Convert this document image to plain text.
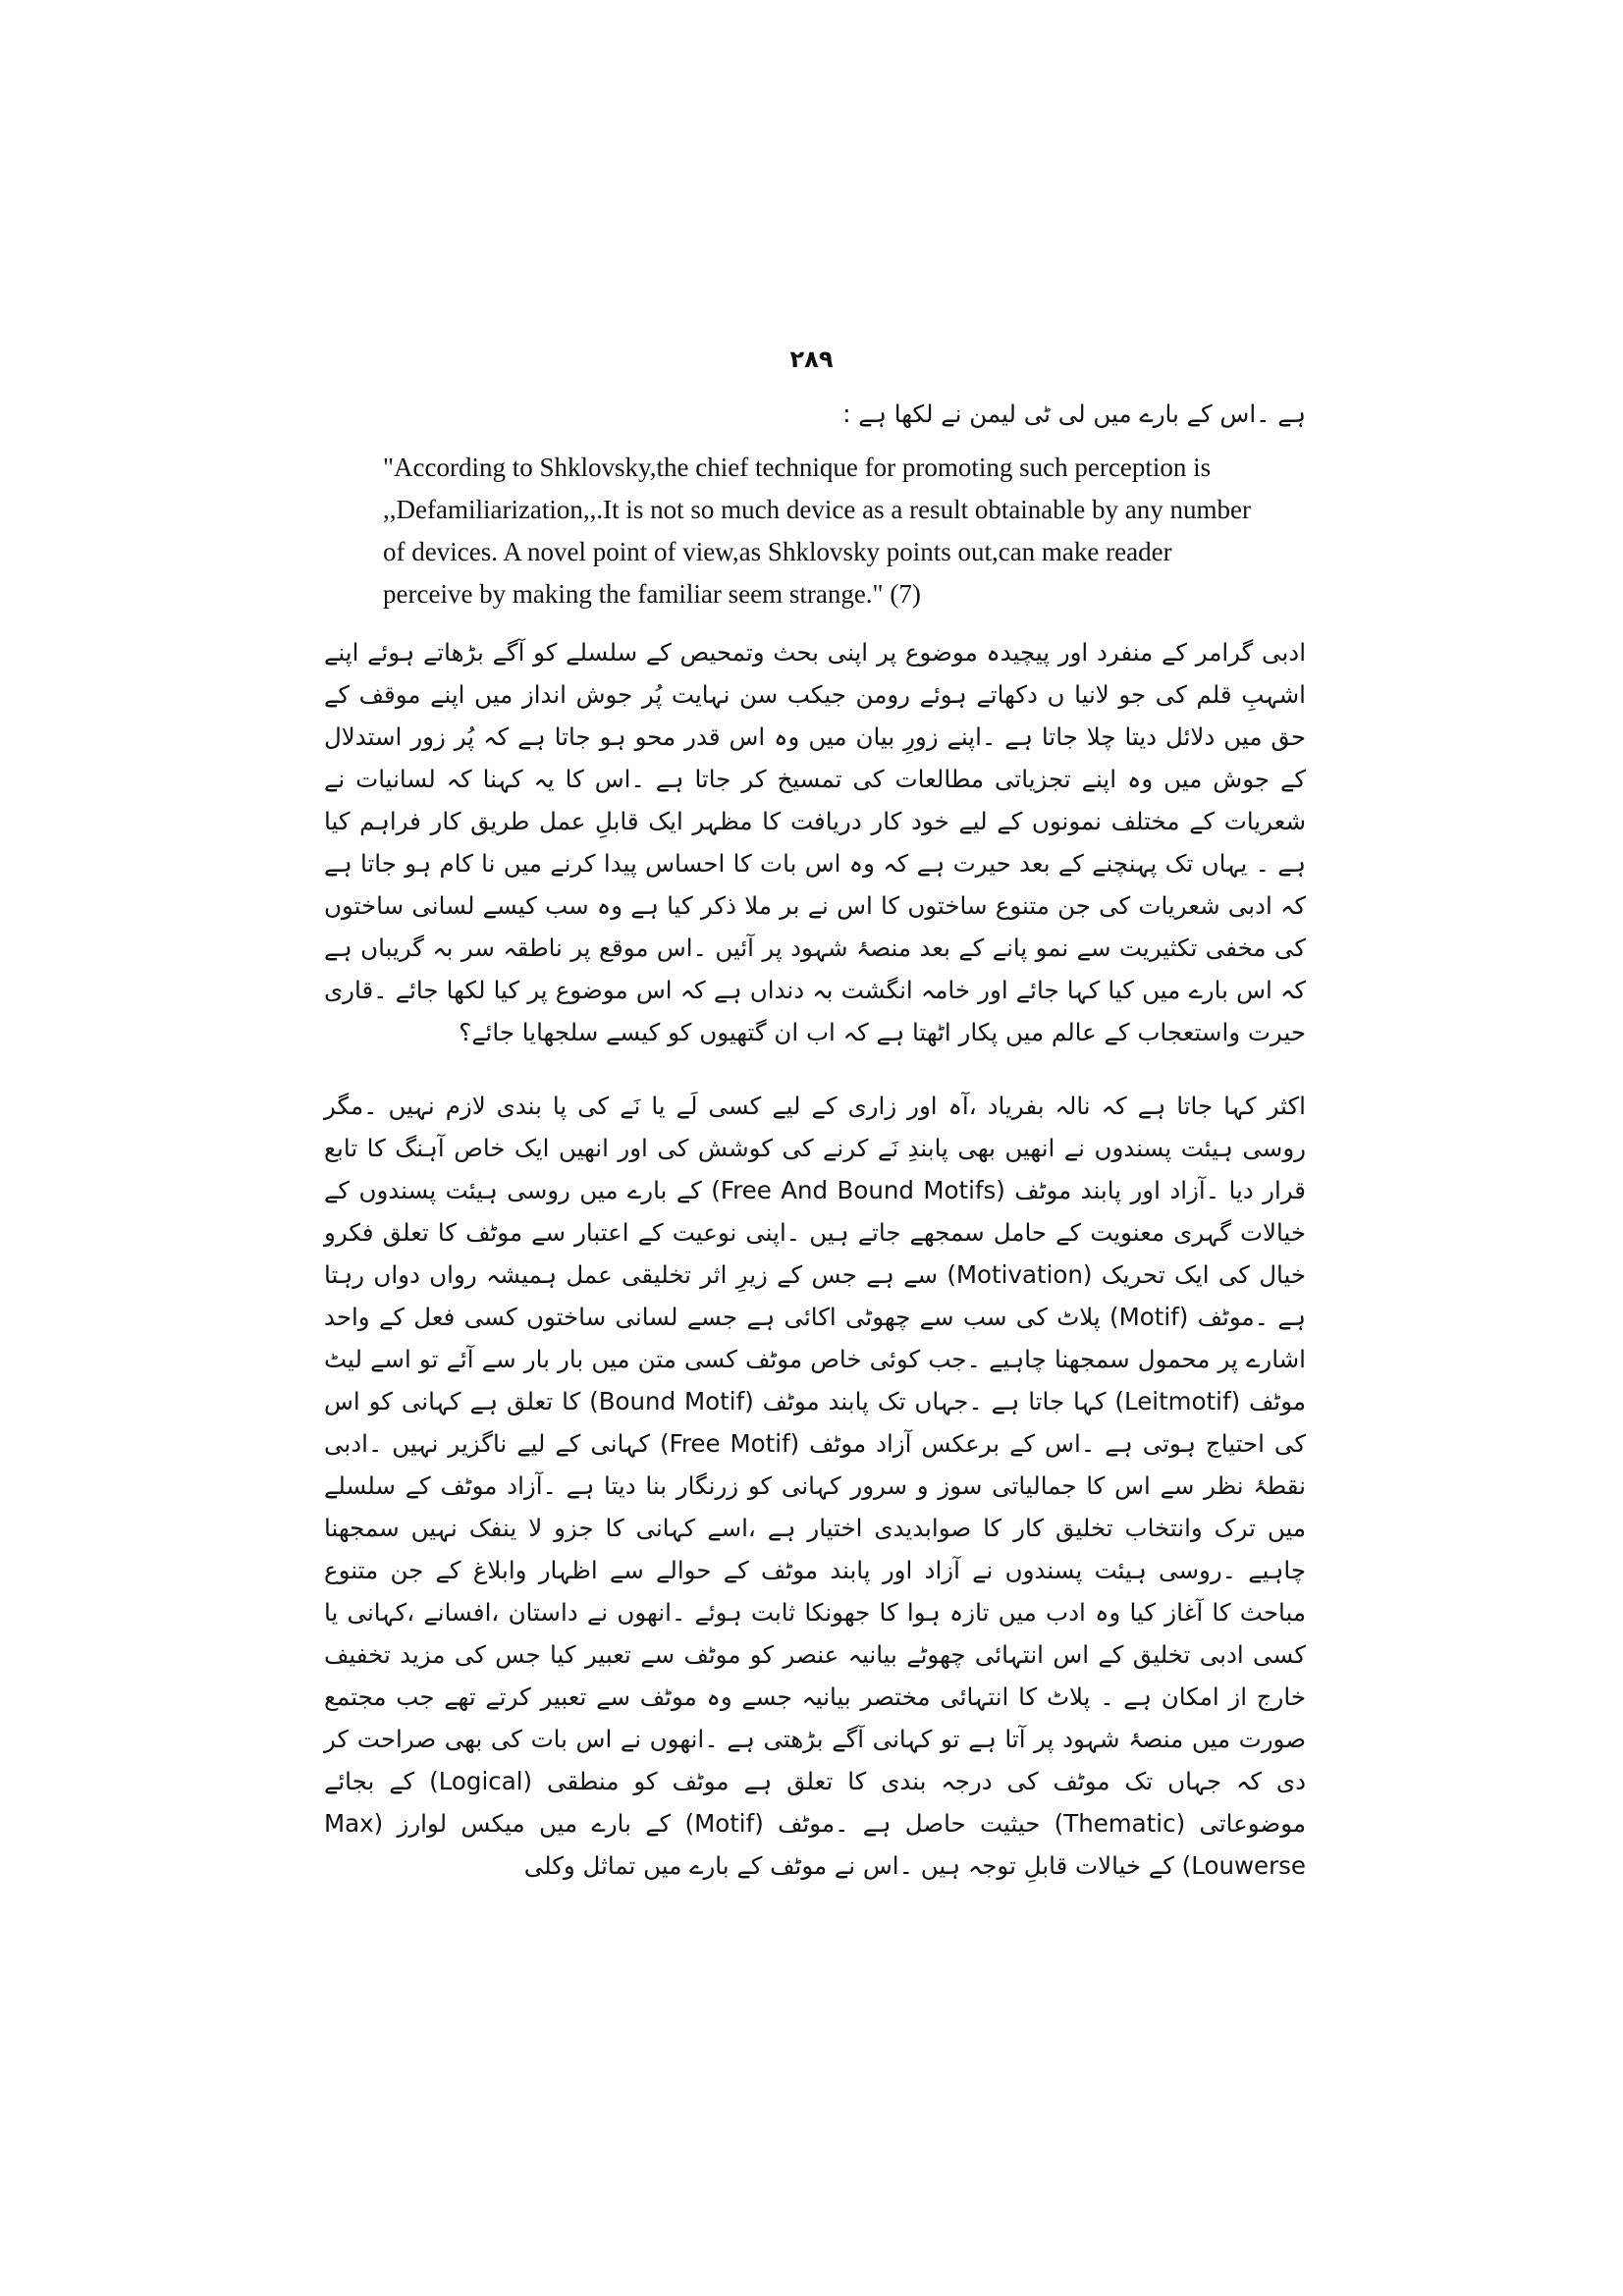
۲۸۹
ہے ۔اس کے بارے میں لی ٹی لیمن نے لکھا ہے :

"According to Shklovsky,the chief technique for promoting such perception is ,,Defamiliarization,,.It is not so much device as a result obtainable by any number of devices. A novel point of view,as Shklovsky points out,can make reader perceive by making the familiar seem strange." (7)

ادبی گرامر کے منفرد اور پیچیدہ موضوع پر اپنی بحث وتمحیص کے سلسلے کو آگے بڑھاتے ہوئے اپنے اشہبِ قلم کی جو لانیا ں دکھاتے ہوئے رومن جیکب سن نہایت پُر جوش انداز میں اپنے موقف کے حق میں دلائل دیتا چلا جاتا ہے ۔اپنے زورِ بیان میں وہ اس قدر محو ہو جاتا ہے کہ پُر زور استدلال کے جوش میں وہ اپنے تجزیاتی مطالعات کی تمسیخ کر جاتا ہے ۔اس کا یہ کہنا کہ لسانیات نے شعریات کے مختلف نمونوں کے لیے خود کار دریافت کا مظہر ایک قابلِ عمل طریق کار فراہم کیا ہے ۔ یہاں تک پہنچنے کے بعد حیرت ہے کہ وہ اس بات کا احساس پیدا کرنے میں نا کام ہو جاتا ہے کہ ادبی شعریات کی جن متنوع ساختوں کا اس نے بر ملا ذکر کیا ہے وہ سب کیسے لسانی ساختوں کی مخفی تکثیریت سے نمو پانے کے بعد منصۂ شہود پر آئیں ۔اس موقع پر ناطقہ سر بہ گریباں ہے کہ اس بارے میں کیا کہا جائے اور خامہ انگشت بہ دنداں ہے کہ اس موضوع پر کیا لکھا جائے ۔قاری حیرت واستعجاب کے عالم میں پکار اٹھتا ہے کہ اب ان گتھیوں کو کیسے سلجھایا جائے؟

اکثر کہا جاتا ہے کہ نالہ بفریاد ،آہ اور زاری کے لیے کسی لَے یا نَے کی پا بندی لازم نہیں ۔مگر روسی ہیئت پسندوں نے انھیں بھی پابندِ نَے کرنے کی کوشش کی اور انھیں ایک خاص آہنگ کا تابع قرار دیا ۔آزاد اور پابند موٹف (Free And Bound Motifs) کے بارے میں روسی ہیئت پسندوں کے خیالات گہری معنویت کے حامل سمجھے جاتے ہیں ۔اپنی نوعیت کے اعتبار سے موٹف کا تعلق فکرو خیال کی ایک تحریک (Motivation) سے ہے جس کے زیرِ اثر تخلیقی عمل ہمیشہ رواں دواں رہتا ہے ۔موٹف (Motif) پلاٹ کی سب سے چھوٹی اکائی ہے جسے لسانی ساختوں کسی فعل کے واحد اشارے پر محمول سمجھنا چاہیے ۔جب کوئی خاص موٹف کسی متن میں بار بار سے آئے تو اسے لیٹ موٹف (Leitmotif) کہا جاتا ہے ۔جہاں تک پابند موٹف (Bound Motif) کا تعلق ہے کہانی کو اس کی احتیاج ہوتی ہے ۔اس کے برعکس آزاد موٹف (Free Motif) کہانی کے لیے ناگزیر نہیں ۔ادبی نقطۂ نظر سے اس کا جمالیاتی سوز و سرور کہانی کو زرنگار بنا دیتا ہے ۔آزاد موٹف کے سلسلے میں ترک وانتخاب تخلیق کار کا صوابدیدی اختیار ہے ،اسے کہانی کا جزو لا ینفک نہیں سمجھنا چاہیے ۔روسی ہیئت پسندوں نے آزاد اور پابند موٹف کے حوالے سے اظہار وابلاغ کے جن متنوع مباحث کا آغاز کیا وہ ادب میں تازہ ہوا کا جھونکا ثابت ہوئے ۔انھوں نے داستان ،افسانے ،کہانی یا کسی ادبی تخلیق کے اس انتہائی چھوٹے بیانیہ عنصر کو موٹف سے تعبیر کیا جس کی مزید تخفیف خارج از امکان ہے ۔ پلاٹ کا انتہائی مختصر بیانیہ جسے وہ موٹف سے تعبیر کرتے تھے جب مجتمع صورت میں منصۂ شہود پر آتا ہے تو کہانی آگے بڑھتی ہے ۔انھوں نے اس بات کی بھی صراحت کر دی کہ جہاں تک موٹف کی درجہ بندی کا تعلق ہے موٹف کو منطقی (Logical) کے بجائے موضوعاتی (Thematic) حیثیت حاصل ہے ۔موٹف (Motif) کے بارے میں میکس لوارز (Max Louwerse) کے خیالات قابلِ توجہ ہیں ۔اس نے موٹف کے بارے میں تماثل وکلی
